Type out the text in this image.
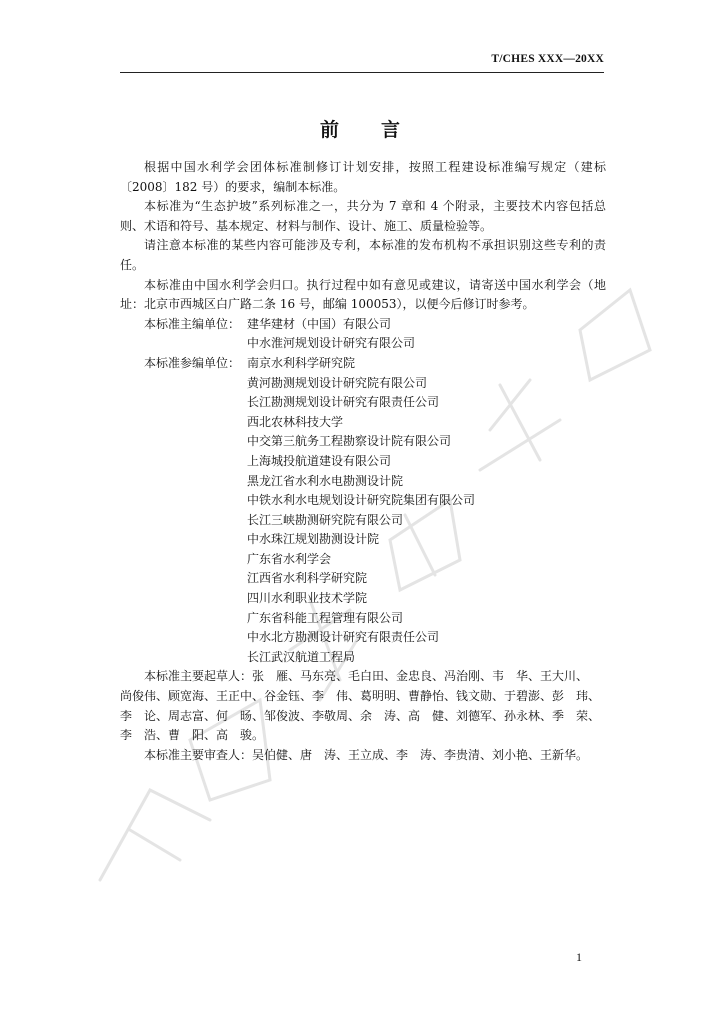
T/CHES XXX—20XX
前 言

根据中国水利学会团体标准制修订计划安排，按照工程建设标准编写规定（建标〔2008〕182 号）的要求，编制本标准。

本标准为“生态护坡”系列标准之一，共分为 7 章和 4 个附录，主要技术内容包括总则、术语和符号、基本规定、材料与制作、设计、施工、质量检验等。

请注意本标准的某些内容可能涉及专利，本标准的发布机构不承担识别这些专利的责任。

本标准由中国水利学会归口。执行过程中如有意见或建议，请寄送中国水利学会（地址：北京市西城区白广路二条 16 号，邮编 100053），以便今后修订时参考。

本标准主编单位： 建华建材（中国）有限公司
中水淮河规划设计研究有限公司
本标准参编单位： 南京水利科学研究院
黄河勘测规划设计研究院有限公司
长江勘测规划设计研究有限责任公司
西北农林科技大学
中交第三航务工程勘察设计院有限公司
上海城投航道建设有限公司
黑龙江省水利水电勘测设计院
中铁水利水电规划设计研究院集团有限公司
长江三峡勘测研究院有限公司
中水珠江规划勘测设计院
广东省水利学会
江西省水利科学研究院
四川水利职业技术学院
广东省科能工程管理有限公司
中水北方勘测设计研究有限责任公司
长江武汉航道工程局
本标准主要起草人：张　雁、马东亮、毛白田、金忠良、冯治刚、韦　华、王大川、
尚俊伟、顾宽海、王正中、谷金钰、李　伟、葛明明、曹静怡、钱文勋、于碧澎、彭　玮、
李　论、周志富、何　旸、邹俊波、李敬周、余　涛、高　健、刘德军、孙永林、季　荣、
李　浩、曹　阳、高　骏。
本标准主要审查人：吴伯健、唐　涛、王立成、李　涛、李贵清、刘小艳、王新华。
1
